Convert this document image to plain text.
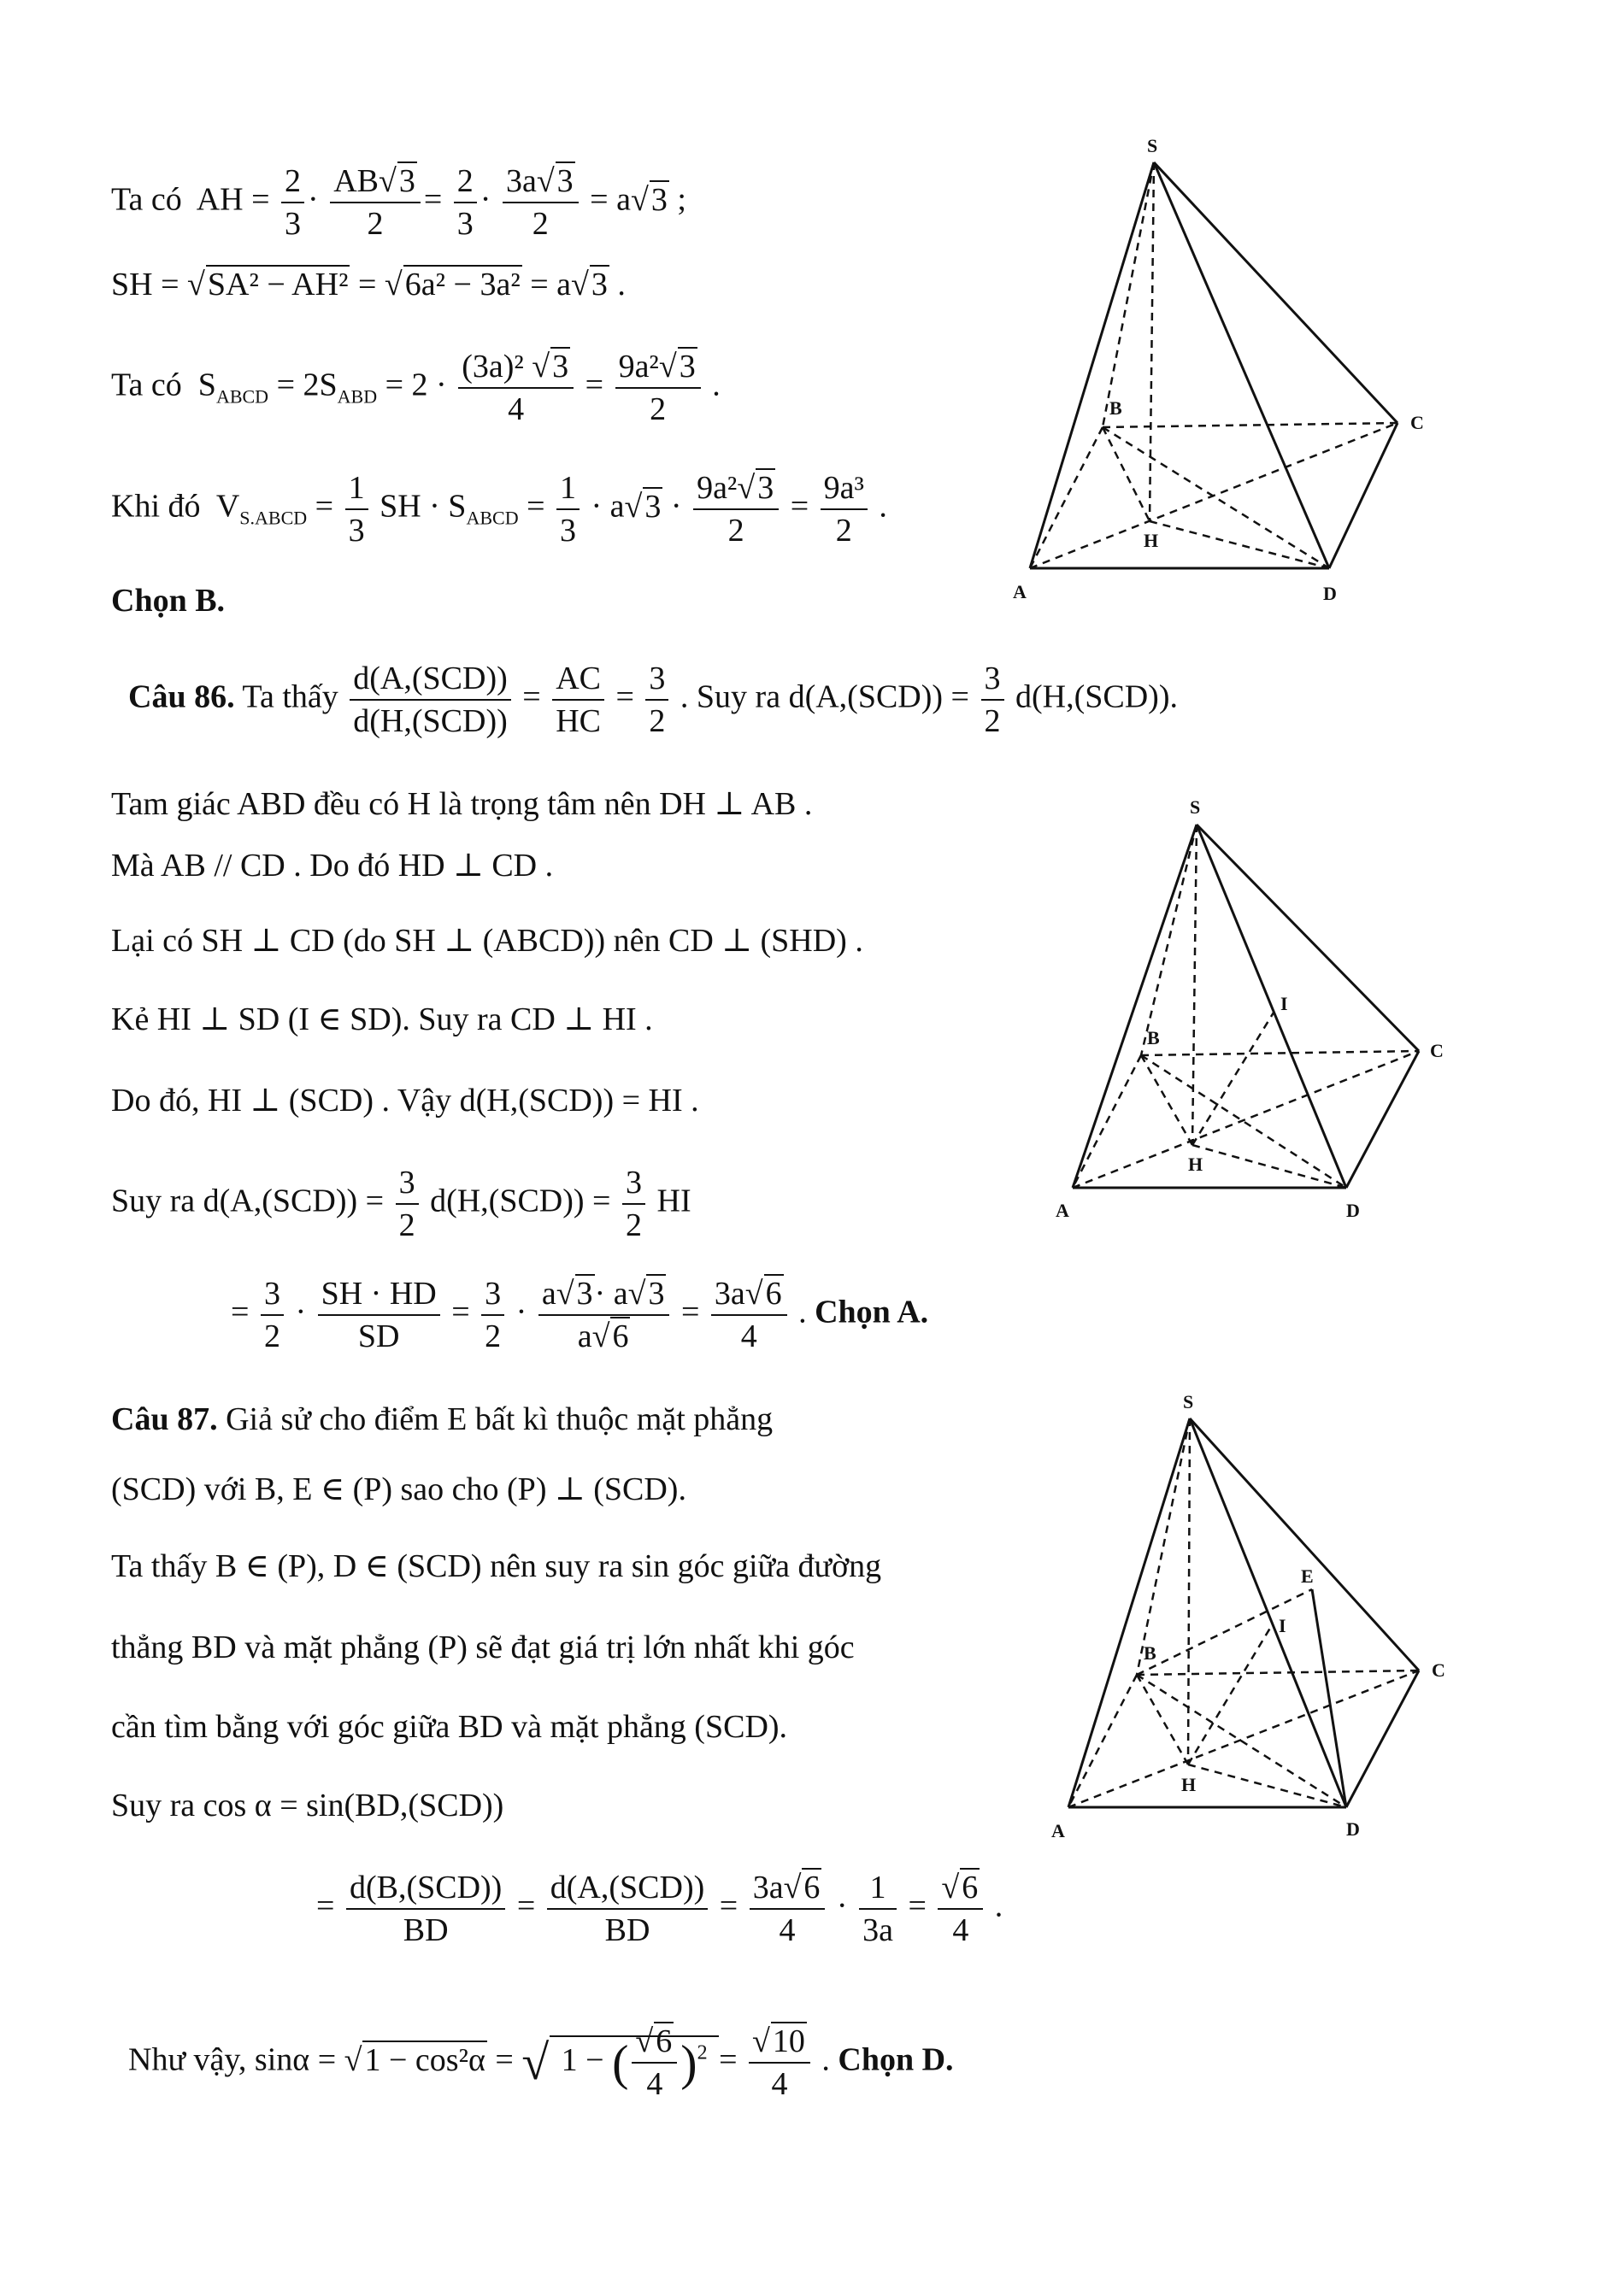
Ta có AH = $\frac{2}{3} \cdot \frac{AB√ 3}{2} = \frac{2}{3} \cdot \frac{3a√ 3}{2} = a√$ 3 ;
SH = √ SA² − AH² = √ 6a² − 3a² = a√ 3 .
Ta có $S_{ABCD} = 2S_{ABD} = 2 \cdot \frac{\text{(3a)² √ 3}}{4} = \frac{\text{9a²√ 3}}{2}$ .
Khi đó $V_{S.ABCD} = \frac{1}{3}$ SH · $S_{ABCD} = \frac{1}{3} \cdot a√$ $3 \cdot \frac{\text{9a²√ 3}}{2} = \frac{\text{9a³}}{2}$ .
Chọn B.
Câu 86. Ta thấy $\frac{\text{d(A,(SCD))}}{\text{d(H,(SCD))}} = \frac{AC}{HC} = \frac{3}{2}$ . Suy ra $d(A,(SCD)) = \frac{3}{2} d(H,(SCD))$.
Tam giác ABD đều có H là trọng tâm nên DH ⊥ AB .
Mà AB // CD . Do đó HD ⊥ CD .
Lại có SH ⊥ CD (do SH ⊥ (ABCD)) nên CD ⊥ (SHD) .
Kẻ HI ⊥ SD (I ∈ SD). Suy ra CD ⊥ HI .
Do đó, HI ⊥ (SCD) . Vậy d(H,(SCD)) = HI .
Suy ra $d(A,(SCD)) = \frac{3}{2} d(H,(SCD)) = \frac{3}{2}$ HI
= $\frac{3}{2} \cdot \frac{SH \cdot HD}{SD} = \frac{3}{2} \cdot \frac{a√ 3\cdot a√ 3}{a√ 6} = \frac{3a√ 6}{4}$ . Chọn A.
Câu 87. Giả sử cho điểm E bất kì thuộc mặt phẳng
(SCD) với B, E ∈ (P) sao cho (P) ⊥ (SCD).
Ta thấy B ∈ (P), D ∈ (SCD) nên suy ra sin góc giữa đường
thẳng BD và mặt phẳng (P) sẽ đạt giá trị lớn nhất khi góc
cần tìm bằng với góc giữa BD và mặt phẳng (SCD).
Suy ra cos α = sin(BD,(SCD))
= $\frac{\text{d(B,(SCD))}}{BD} = \frac{\text{d(A,(SCD))}}{BD} = \frac{3a√ 6}{4} \cdot \frac{1}{3a}$ =
√ $\frac{6}{4}$ .
Như vậy, sinα = √ 1 − cos²α = √ 1 − (
√ $\frac{6}{4} )^2$ =
√ $\frac{10}{4}$ . Chọn D.
S
A
B
C
D
H
S
A
B
C
D
H
I
S
A
B
C
D
H
I
E
